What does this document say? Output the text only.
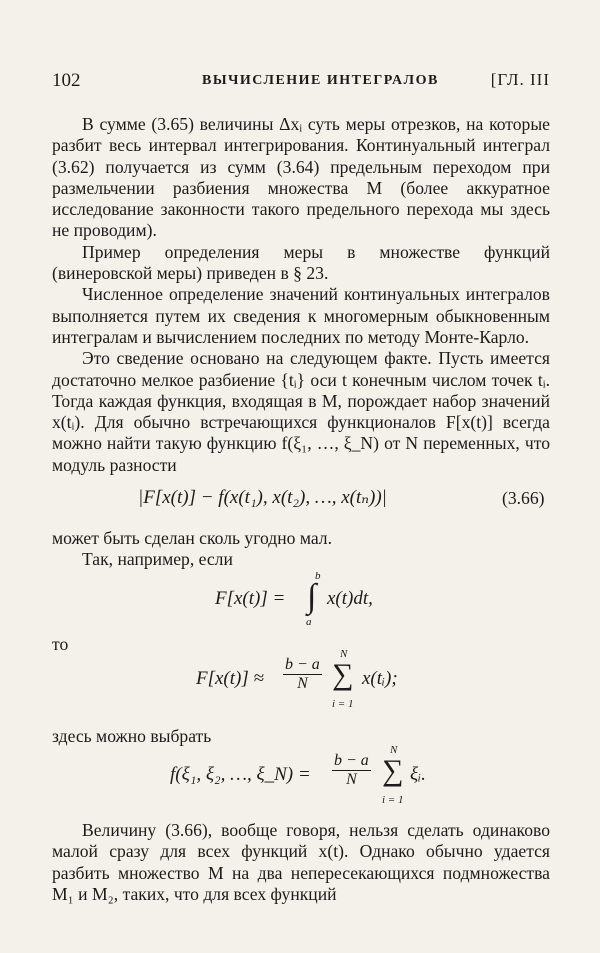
102	ВЫЧИСЛЕНИЕ ИНТЕГРАЛОВ	[ГЛ. III

В сумме (3.65) величины Δxᵢ суть меры отрезков, на которые разбит весь интервал интегрирования. Континуальный интеграл (3.62) получается из сумм (3.64) предельным переходом при размельчении разбиения множества M (более аккуратное исследование законности такого предельного перехода мы здесь не проводим).

Пример определения меры в множестве функций (винеровской меры) приведен в § 23.

Численное определение значений континуальных интегралов выполняется путем их сведения к многомерным обыкновенным интегралам и вычислением последних по методу Монте-Карло.

Это сведение основано на следующем факте. Пусть имеется достаточно мелкое разбиение {tᵢ} оси t конечным числом точек tᵢ. Тогда каждая функция, входящая в M, порождает набор значений x(tᵢ). Для обычно встречающихся функционалов F[x(t)] всегда можно найти такую функцию f(ξ₁, …, ξ_N) от N переменных, что модуль разности

|F[x(t)] − f(x(t₁), x(t₂), …, x(tₙ))|	(3.66)

может быть сделан сколь угодно мал.

Так, например, если

F[x(t)] =
b
∫
a
x(t)dt,

то

$F[x(t)] \approx \frac{b - a}{N}$
N
∑
i = 1
x(tᵢ);

здесь можно выбрать

f(ξ₁, ξ₂, …, ξ_N) = $\frac{b - a}{N}$
N
∑
i = 1
ξᵢ.

Величину (3.66), вообще говоря, нельзя сделать одинаково малой сразу для всех функций x(t). Однако обычно удается разбить множество M на два непересекающихся подмножества M₁ и M₂, таких, что для всех функций
